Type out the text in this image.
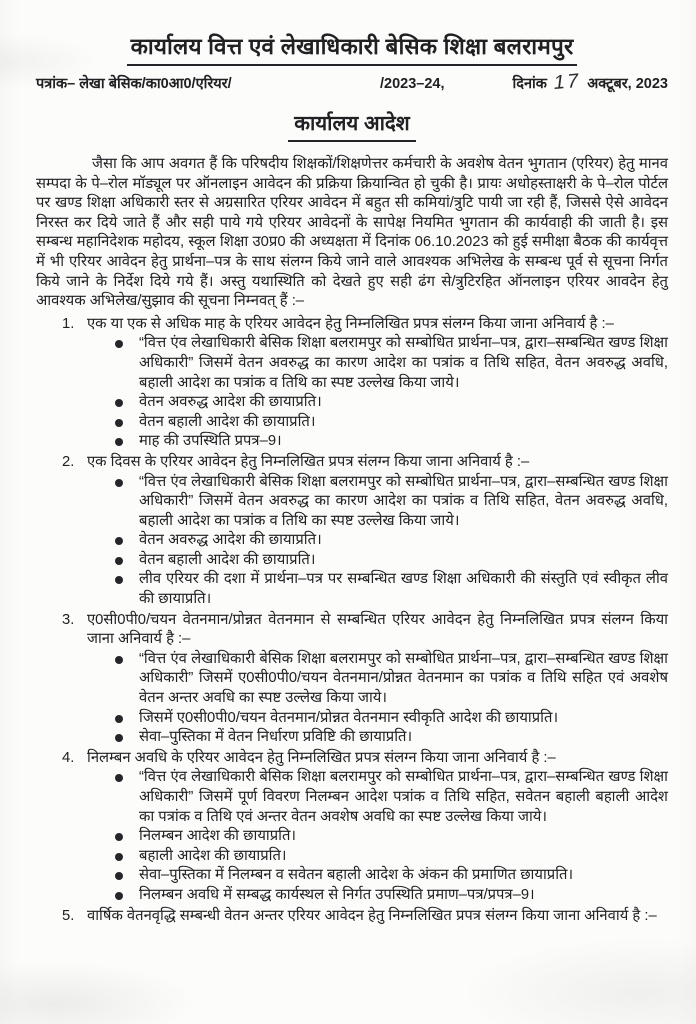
कार्यालय वित्त एवं लेखाधिकारी बेसिक शिक्षा बलरामपुर
पत्रांक– लेखा बेसिक/का0आ0/एरियर/	/2023–24,	दिनांक 17 अक्टूबर, 2023
कार्यालय आदेश
जैसा कि आप अवगत हैं कि परिषदीय शिक्षकों/शिक्षणेत्तर कर्मचारी के अवशेष वेतन भुगतान (एरियर) हेतु मानव सम्पदा के पे–रोल मॉड्यूल पर ऑनलाइन आवेदन की प्रक्रिया क्रियान्वित हो चुकी है। प्रायः अधोहस्ताक्षरी के पे–रोल पोर्टल पर खण्ड शिक्षा अधिकारी स्तर से अग्रसारित एरियर आवेदन में बहुत सी कमियां/त्रुटि पायी जा रही हैं, जिससे ऐसे आवेदन निरस्त कर दिये जाते हैं और सही पाये गये एरियर आवेदनों के सापेक्ष नियमित भुगतान की कार्यवाही की जाती है। इस सम्बन्ध महानिदेशक महोदय, स्कूल शिक्षा उ0प्र0 की अध्यक्षता में दिनांक 06.10.2023 को हुई समीक्षा बैठक की कार्यवृत्त में भी एरियर आवेदन हेतु प्रार्थना–पत्र के साथ संलग्न किये जाने वाले आवश्यक अभिलेख के सम्बन्ध पूर्व से सूचना निर्गत किये जाने के निर्देश दिये गये हैं। अस्तु यथास्थिति को देखते हुए सही ढंग से/त्रुटिरहित ऑनलाइन एरियर आवदेन हेतु आवश्यक अभिलेख/सुझाव की सूचना निम्नवत् हैं :–
1. एक या एक से अधिक माह के एरियर आवेदन हेतु निम्नलिखित प्रपत्र संलग्न किया जाना अनिवार्य है :–
“वित्त एंव लेखाधिकारी बेसिक शिक्षा बलरामपुर को सम्बोधित प्रार्थना–पत्र, द्वारा–सम्बन्धित खण्ड शिक्षा अधिकारी” जिसमें वेतन अवरुद्ध का कारण आदेश का पत्रांक व तिथि सहित, वेतन अवरुद्ध अवधि, बहाली आदेश का पत्रांक व तिथि का स्पष्ट उल्लेख किया जाये।
वेतन अवरुद्ध आदेश की छायाप्रति।
वेतन बहाली आदेश की छायाप्रति।
माह की उपस्थिति प्रपत्र–9।
2. एक दिवस के एरियर आवेदन हेतु निम्नलिखित प्रपत्र संलग्न किया जाना अनिवार्य है :–
“वित्त एंव लेखाधिकारी बेसिक शिक्षा बलरामपुर को सम्बोधित प्रार्थना–पत्र, द्वारा–सम्बन्धित खण्ड शिक्षा अधिकारी” जिसमें वेतन अवरुद्ध का कारण आदेश का पत्रांक व तिथि सहित, वेतन अवरुद्ध अवधि, बहाली आदेश का पत्रांक व तिथि का स्पष्ट उल्लेख किया जाये।
वेतन अवरुद्ध आदेश की छायाप्रति।
वेतन बहाली आदेश की छायाप्रति।
लीव एरियर की दशा में प्रार्थना–पत्र पर सम्बन्धित खण्ड शिक्षा अधिकारी की संस्तुति एवं स्वीकृत लीव की छायाप्रति।
3. ए0सी0पी0/चयन वेतनमान/प्रोन्नत वेतनमान से सम्बन्धित एरियर आवेदन हेतु निम्नलिखित प्रपत्र संलग्न किया जाना अनिवार्य है :–
“वित्त एंव लेखाधिकारी बेसिक शिक्षा बलरामपुर को सम्बोधित प्रार्थना–पत्र, द्वारा–सम्बन्धित खण्ड शिक्षा अधिकारी” जिसमें ए0सी0पी0/चयन वेतनमान/प्रोन्नत वेतनमान का पत्रांक व तिथि सहित एवं अवशेष वेतन अन्तर अवधि का स्पष्ट उल्लेख किया जाये।
जिसमें ए0सी0पी0/चयन वेतनमान/प्रोन्नत वेतनमान स्वीकृति आदेश की छायाप्रति।
सेवा–पुस्तिका में वेतन निर्धारण प्रविष्टि की छायाप्रति।
4. निलम्बन अवधि के एरियर आवेदन हेतु निम्नलिखित प्रपत्र संलग्न किया जाना अनिवार्य है :–
“वित्त एंव लेखाधिकारी बेसिक शिक्षा बलरामपुर को सम्बोधित प्रार्थना–पत्र, द्वारा–सम्बन्धित खण्ड शिक्षा अधिकारी” जिसमें पूर्ण विवरण निलम्बन आदेश पत्रांक व तिथि सहित, सवेतन बहाली बहाली आदेश का पत्रांक व तिथि एवं अन्तर वेतन अवशेष अवधि का स्पष्ट उल्लेख किया जाये।
निलम्बन आदेश की छायाप्रति।
बहाली आदेश की छायाप्रति।
सेवा–पुस्तिका में निलम्बन व सवेतन बहाली आदेश के अंकन की प्रमाणित छायाप्रति।
निलम्बन अवधि में सम्बद्ध कार्यस्थल से निर्गत उपस्थिति प्रमाण–पत्र/प्रपत्र–9।
5. वार्षिक वेतनवृद्धि सम्बन्धी वेतन अन्तर एरियर आवेदन हेतु निम्नलिखित प्रपत्र संलग्न किया जाना अनिवार्य है :–
